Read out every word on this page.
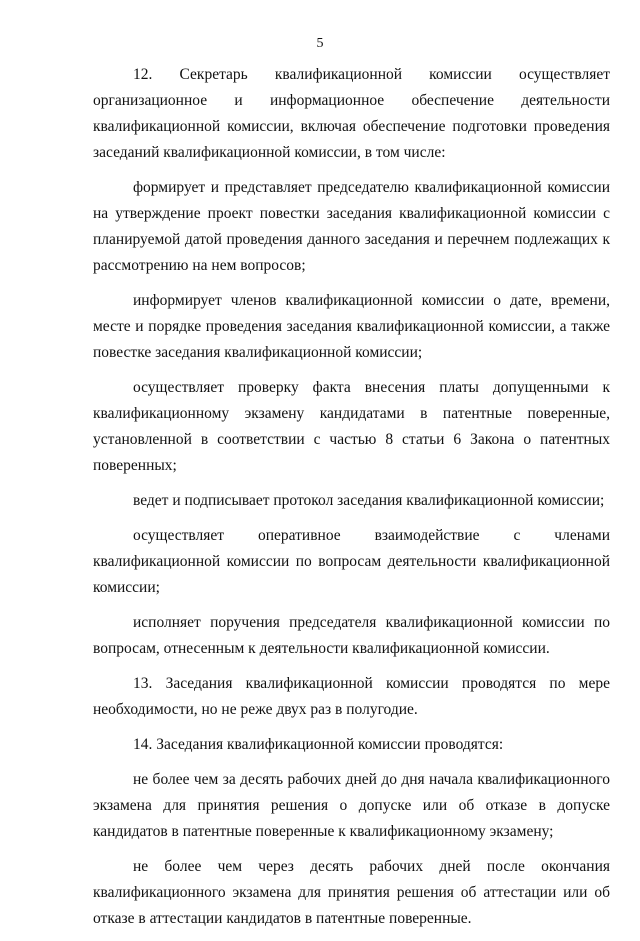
5

12. Секретарь квалификационной комиссии осуществляет организационное и информационное обеспечение деятельности квалификационной комиссии, включая обеспечение подготовки проведения заседаний квалификационной комиссии, в том числе:

формирует и представляет председателю квалификационной комиссии на утверждение проект повестки заседания квалификационной комиссии с планируемой датой проведения данного заседания и перечнем подлежащих к рассмотрению на нем вопросов;

информирует членов квалификационной комиссии о дате, времени, месте и порядке проведения заседания квалификационной комиссии, а также повестке заседания квалификационной комиссии;

осуществляет проверку факта внесения платы допущенными к квалификационному экзамену кандидатами в патентные поверенные, установленной в соответствии с частью 8 статьи 6 Закона о патентных поверенных;

ведет и подписывает протокол заседания квалификационной комиссии;

осуществляет оперативное взаимодействие с членами квалификационной комиссии по вопросам деятельности квалификационной комиссии;

исполняет поручения председателя квалификационной комиссии по вопросам, отнесенным к деятельности квалификационной комиссии.

13. Заседания квалификационной комиссии проводятся по мере необходимости, но не реже двух раз в полугодие.

14. Заседания квалификационной комиссии проводятся:

не более чем за десять рабочих дней до дня начала квалификационного экзамена для принятия решения о допуске или об отказе в допуске кандидатов в патентные поверенные к квалификационному экзамену;

не более чем через десять рабочих дней после окончания квалификационного экзамена для принятия решения об аттестации или об отказе в аттестации кандидатов в патентные поверенные.
